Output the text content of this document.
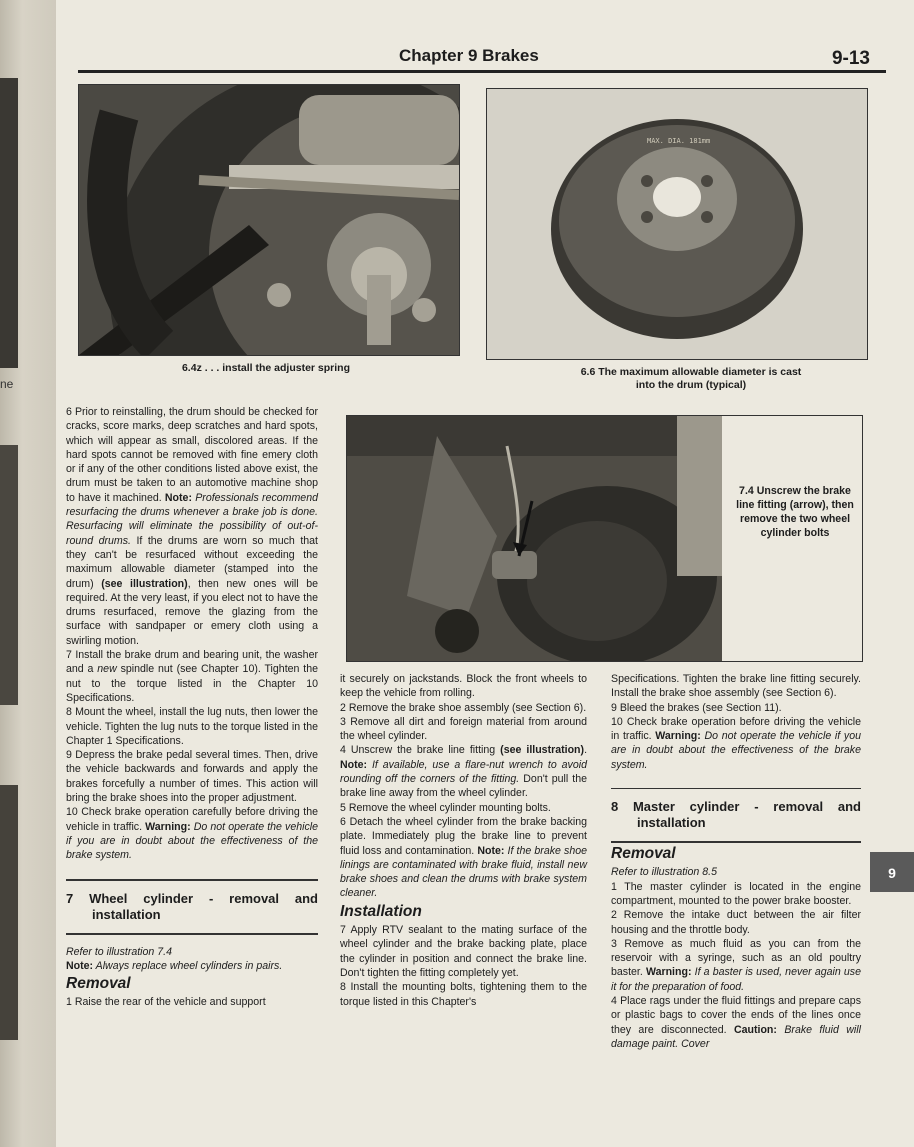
ne
Chapter 9 Brakes	9-13
6.4z . . . install the adjuster spring
MAX. DIA. 181mm
6.6 The maximum allowable diameter is cast
into the drum (typical)
7.4 Unscrew the brake line fitting (arrow), then remove the two wheel cylinder bolts

6 Prior to reinstalling, the drum should be checked for cracks, score marks, deep scratches and hard spots, which will appear as small, discolored areas. If the hard spots cannot be removed with fine emery cloth or if any of the other conditions listed above exist, the drum must be taken to an automotive machine shop to have it machined. Note: Professionals recommend resurfacing the drums whenever a brake job is done. Resurfacing will eliminate the possibility of out-of-round drums. If the drums are worn so much that they can't be resurfaced without exceeding the maximum allowable diameter (stamped into the drum) (see illustration), then new ones will be required. At the very least, if you elect not to have the drums resurfaced, remove the glazing from the surface with sandpaper or emery cloth using a swirling motion.

7 Install the brake drum and bearing unit, the washer and a new spindle nut (see Chapter 10). Tighten the nut to the torque listed in the Chapter 10 Specifications.

8 Mount the wheel, install the lug nuts, then lower the vehicle. Tighten the lug nuts to the torque listed in the Chapter 1 Specifications.

9 Depress the brake pedal several times. Then, drive the vehicle backwards and forwards and apply the brakes forcefully a number of times. This action will bring the brake shoes into the proper adjustment.

10 Check brake operation carefully before driving the vehicle in traffic. Warning: Do not operate the vehicle if you are in doubt about the effectiveness of the brake system.

7 Wheel cylinder - removal and installation

Refer to illustration 7.4

Note: Always replace wheel cylinders in pairs.

Removal

1 Raise the rear of the vehicle and support

it securely on jackstands. Block the front wheels to keep the vehicle from rolling.

2 Remove the brake shoe assembly (see Section 6).

3 Remove all dirt and foreign material from around the wheel cylinder.

4 Unscrew the brake line fitting (see illustration). Note: If available, use a flare-nut wrench to avoid rounding off the corners of the fitting. Don't pull the brake line away from the wheel cylinder.

5 Remove the wheel cylinder mounting bolts.

6 Detach the wheel cylinder from the brake backing plate. Immediately plug the brake line to prevent fluid loss and contamination. Note: If the brake shoe linings are contaminated with brake fluid, install new brake shoes and clean the drums with brake system cleaner.

Installation

7 Apply RTV sealant to the mating surface of the wheel cylinder and the brake backing plate, place the cylinder in position and connect the brake line. Don't tighten the fitting completely yet.

8 Install the mounting bolts, tightening them to the torque listed in this Chapter's

Specifications. Tighten the brake line fitting securely. Install the brake shoe assembly (see Section 6).

9 Bleed the brakes (see Section 11).

10 Check brake operation before driving the vehicle in traffic. Warning: Do not operate the vehicle if you are in doubt about the effectiveness of the brake system.

8 Master cylinder - removal and installation
Removal

Refer to illustration 8.5

1 The master cylinder is located in the engine compartment, mounted to the power brake booster.

2 Remove the intake duct between the air filter housing and the throttle body.

3 Remove as much fluid as you can from the reservoir with a syringe, such as an old poultry baster. Warning: If a baster is used, never again use it for the preparation of food.

4 Place rags under the fluid fittings and prepare caps or plastic bags to cover the ends of the lines once they are disconnected. Caution: Brake fluid will damage paint. Cover

9
